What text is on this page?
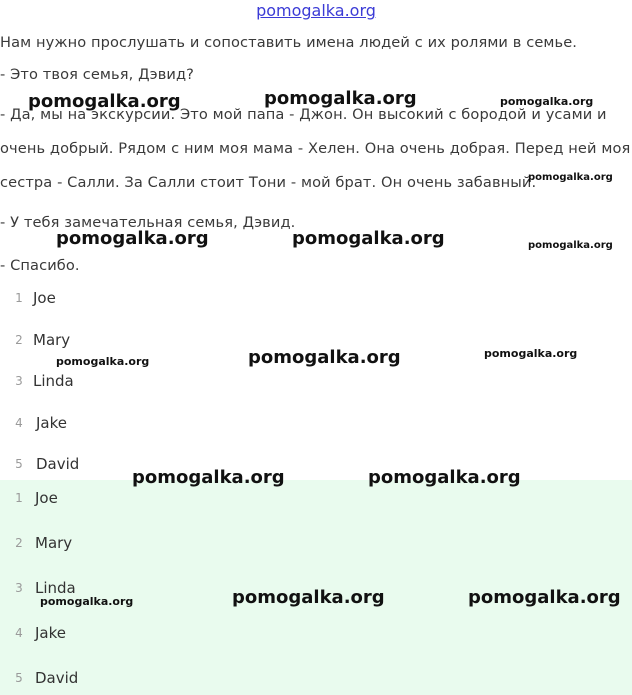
pomogalka.org
Нам нужно прослушать и сопоставить имена людей с их ролями в семье.
- Это твоя семья, Дэвид?
- Да, мы на экскурсии. Это мой папа - Джон. Он высокий с бородой и усами и
очень добрый. Рядом с ним моя мама - Хелен. Она очень добрая. Перед ней моя
сестра - Салли. За Салли стоит Тони - мой брат. Он очень забавный.
- У тебя замечательная семья, Дэвид.
- Спасибо.
1 Joe
2 Mary
3 Linda
4 Jake
5 David
1 Joe
2 Mary
3 Linda
4 Jake
5 David
pomogalka.org	pomogalka.org	pomogalka.org
pomogalka.org
pomogalka.org	pomogalka.org	pomogalka.org
pomogalka.org	pomogalka.org	pomogalka.org
pomogalka.org	pomogalka.org
pomogalka.org	pomogalka.org	pomogalka.org
